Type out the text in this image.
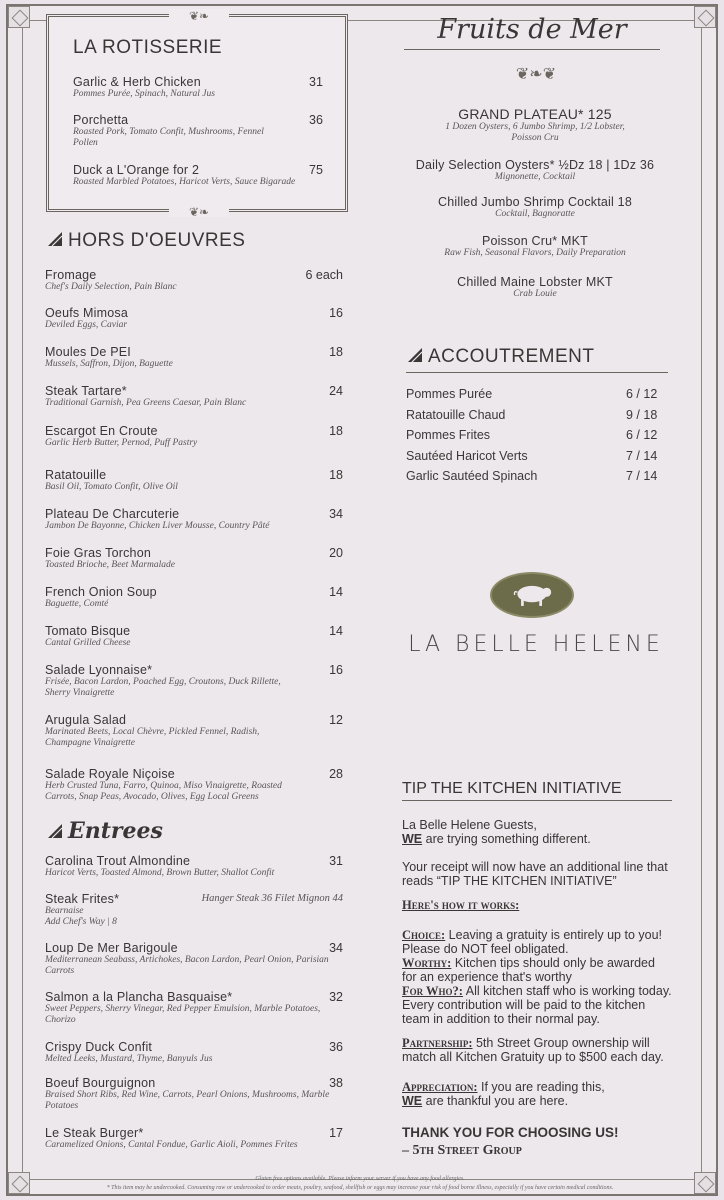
❦❧
LA ROTISSERIE
Garlic & Herb Chicken
Pommes Purée, Spinach, Natural Jus
31
Porchetta
Roasted Pork, Tomato Confit, Mushrooms, Fennel Pollen
36
Duck a L'Orange for 2
Roasted Marbled Potatoes, Haricot Verts, Sauce Bigarade
75
❦❧
HORS D'OEUVRES
Fromage
Chef's Daily Selection, Pain Blanc
6 each
Oeufs Mimosa
Deviled Eggs, Caviar
16
Moules De PEI
Mussels, Saffron, Dijon, Baguette
18
Steak Tartare*
Traditional Garnish, Pea Greens Caesar, Pain Blanc
24
Escargot En Croute
Garlic Herb Butter, Pernod, Puff Pastry
18
Ratatouille
Basil Oil, Tomato Confit, Olive Oil
18
Plateau De Charcuterie
Jambon De Bayonne, Chicken Liver Mousse, Country Pâté
34
Foie Gras Torchon
Toasted Brioche, Beet Marmalade
20
French Onion Soup
Baguette, Comté
14
Tomato Bisque
Cantal Grilled Cheese
14
Salade Lyonnaise*
Frisée, Bacon Lardon, Poached Egg, Croutons, Duck Rillette, Sherry Vinaigrette
16
Arugula Salad
Marinated Beets, Local Chèvre, Pickled Fennel, Radish, Champagne Vinaigrette
12
Salade Royale Niçoise
Herb Crusted Tuna, Farro, Quinoa, Miso Vinaigrette, Roasted Carrots, Snap Peas, Avocado, Olives, Egg Local Greens
28
Entrees
Carolina Trout Almondine
Haricot Verts, Toasted Almond, Brown Butter, Shallot Confit
31
Steak Frites*
Bearnaise
Add Chef's Way | 8
Hanger Steak 36 Filet Mignon 44
Loup De Mer Barigoule
Mediterranean Seabass, Artichokes, Bacon Lardon, Pearl Onion, Parisian Carrots
34
Salmon a la Plancha Basquaise*
Sweet Peppers, Sherry Vinegar, Red Pepper Emulsion, Marble Potatoes, Chorizo
32
Crispy Duck Confit
Melted Leeks, Mustard, Thyme, Banyuls Jus
36
Boeuf Bourguignon
Braised Short Ribs, Red Wine, Carrots, Pearl Onions, Mushrooms, Marble Potatoes
38
Le Steak Burger*
Caramelized Onions, Cantal Fondue, Garlic Aioli, Pommes Frites
17
Fruits de Mer
❦❧❦
GRAND PLATEAU* 125
1 Dozen Oysters, 6 Jumbo Shrimp, 1/2 Lobster, Poisson Cru
Daily Selection Oysters* ½Dz 18 | 1Dz 36
Mignonette, Cocktail
Chilled Jumbo Shrimp Cocktail 18
Cocktail, Bagnoratte
Poisson Cru* MKT
Raw Fish, Seasonal Flavors, Daily Preparation
Chilled Maine Lobster MKT
Crab Louie
ACCOUTREMENT
Pommes Purée	6 / 12
Ratatouille Chaud	9 / 18
Pommes Frites	6 / 12
Sautéed Haricot Verts	7 / 14
Garlic Sautéed Spinach	7 / 14
LA BELLE HELENE
TIP THE KITCHEN INITIATIVE
La Belle Helene Guests,
WE are trying something different.
Your receipt will now have an additional line that reads “TIP THE KITCHEN INITIATIVE”
Here's how it works:
Choice: Leaving a gratuity is entirely up to you! Please do NOT feel obligated.
Worthy: Kitchen tips should only be awarded for an experience that's worthy
For Who?: All kitchen staff who is working today. Every contribution will be paid to the kitchen team in addition to their normal pay.
Partnership: 5th Street Group ownership will match all Kitchen Gratuity up to $500 each day.
Appreciation: If you are reading this,
WE are thankful you are here.
THANK YOU FOR CHOOSING US!
– 5th Street Group
Gluten free options available. Please inform your server if you have any food allergies.
* This item may be undercooked. Consuming raw or undercooked to order meats, poultry, seafood, shellfish or eggs may increase your risk of food borne illness, especially if you have certain medical conditions.
